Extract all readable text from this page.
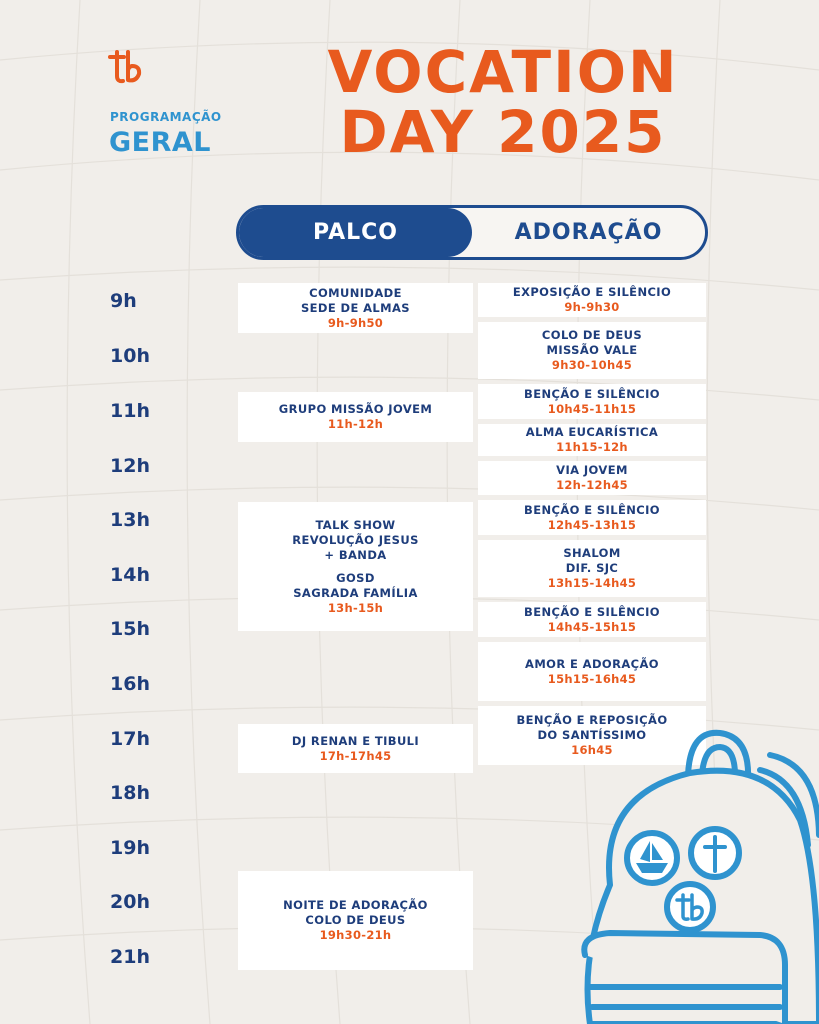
PROGRAMAÇÃO
GERAL
VOCATION
DAY 2025
PALCO	ADORAÇÃO
9h
10h
11h
12h
13h
14h
15h
16h
17h
18h
19h
20h
21h
COMUNIDADE
SEDE DE ALMAS
9h-9h50
GRUPO MISSÃO JOVEM
11h-12h
TALK SHOW
REVOLUÇÃO JESUS
+ BANDA
GOSD
SAGRADA FAMÍLIA
13h-15h
DJ RENAN E TIBULI
17h-17h45
NOITE DE ADORAÇÃO
COLO DE DEUS
19h30-21h
EXPOSIÇÃO E SILÊNCIO
9h-9h30
COLO DE DEUS
MISSÃO VALE
9h30-10h45
BENÇÃO E SILÊNCIO
10h45-11h15
ALMA EUCARÍSTICA
11h15-12h
VIA JOVEM
12h-12h45
BENÇÃO E SILÊNCIO
12h45-13h15
SHALOM
DIF. SJC
13h15-14h45
BENÇÃO E SILÊNCIO
14h45-15h15
AMOR E ADORAÇÃO
15h15-16h45
BENÇÃO E REPOSIÇÃO
DO SANTÍSSIMO
16h45
